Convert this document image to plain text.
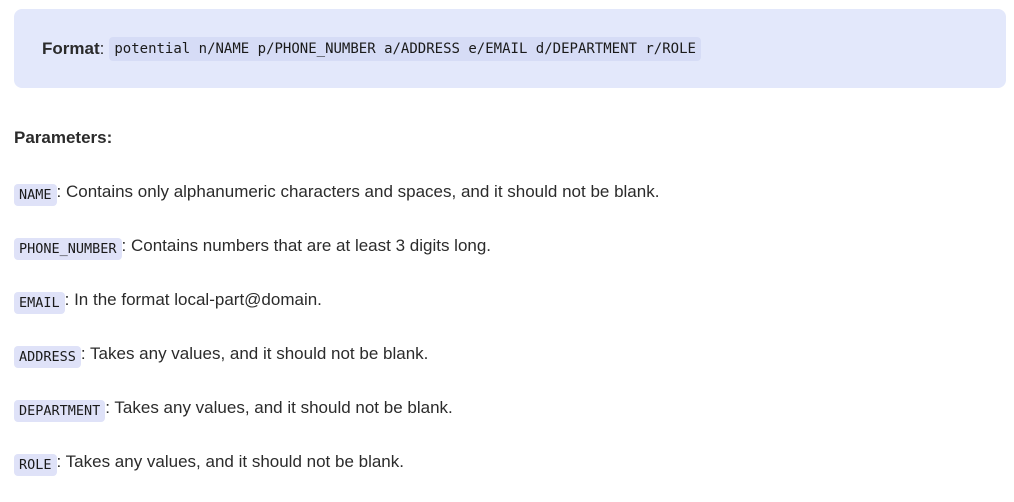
Format : potential n/NAME p/PHONE_NUMBER a/ADDRESS e/EMAIL d/DEPARTMENT r/ROLE
Parameters:
NAME : Contains only alphanumeric characters and spaces, and it should not be blank.
PHONE_NUMBER : Contains numbers that are at least 3 digits long.
EMAIL : In the format local-part@domain.
ADDRESS : Takes any values, and it should not be blank.
DEPARTMENT : Takes any values, and it should not be blank.
ROLE : Takes any values, and it should not be blank.
